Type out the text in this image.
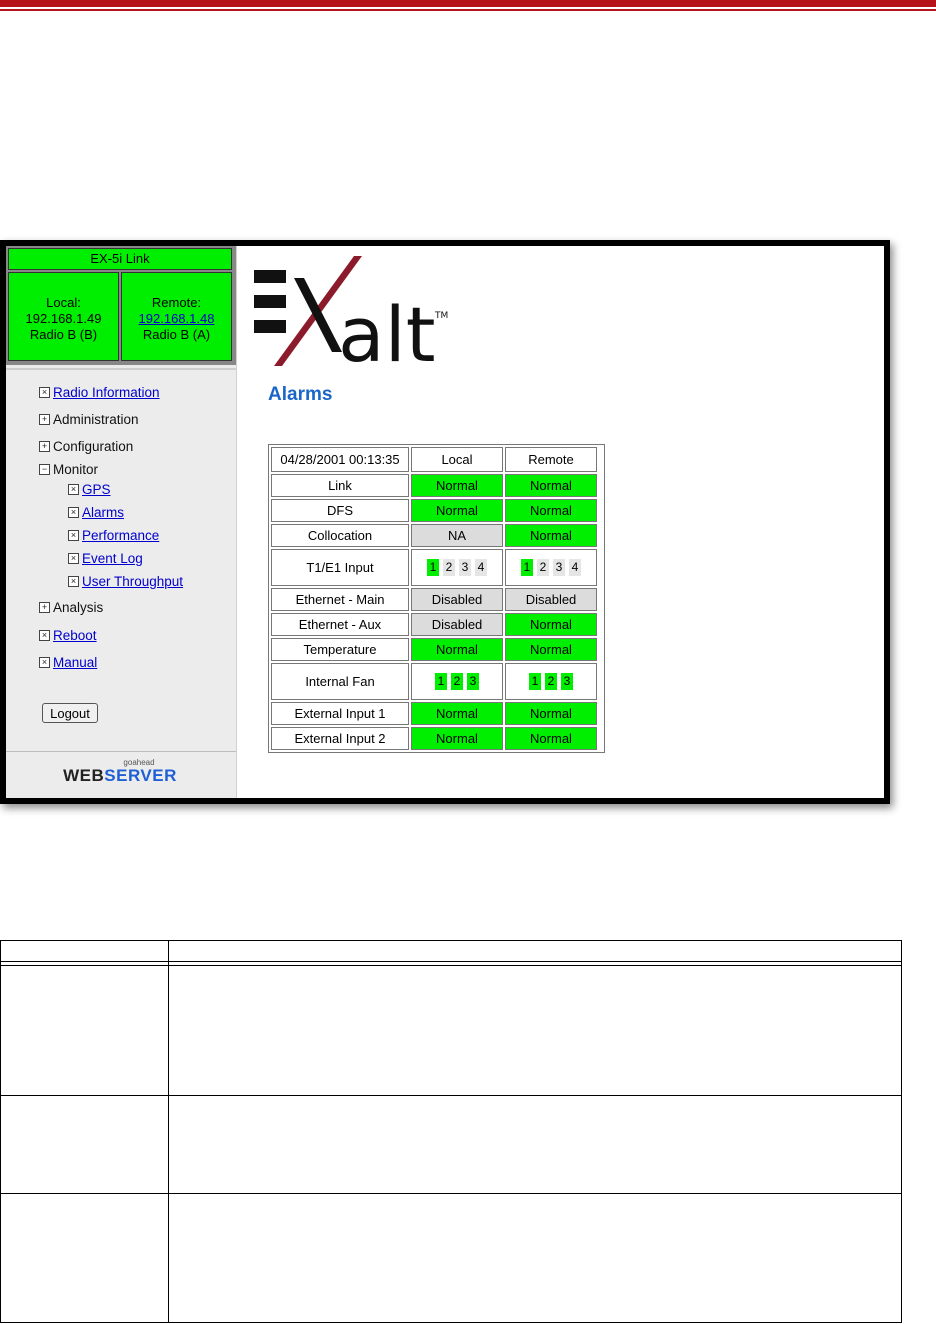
EX-5i Link
Local:
192.168.1.49
Radio B (B)
Remote:
192.168.1.48
Radio B (A)
× Radio Information
+ Administration
+ Configuration
− Monitor
× GPS
× Alarms
× Performance
× Event Log
× User Throughput
+ Analysis
× Reboot
× Manual
Logout
goahead
WEBSERVER
alt TM
Alarms
04/28/2001 00:13:35	Local	Remote
Link	Normal	Normal
DFS	Normal	Normal
Collocation	NA	Normal
T1/E1 Input	1 2 3 4	1 2 3 4
Ethernet - Main	Disabled	Disabled
Ethernet - Aux	Disabled	Normal
Temperature	Normal	Normal
Internal Fan	1 2 3	1 2 3
External Input 1	Normal	Normal
External Input 2	Normal	Normal
